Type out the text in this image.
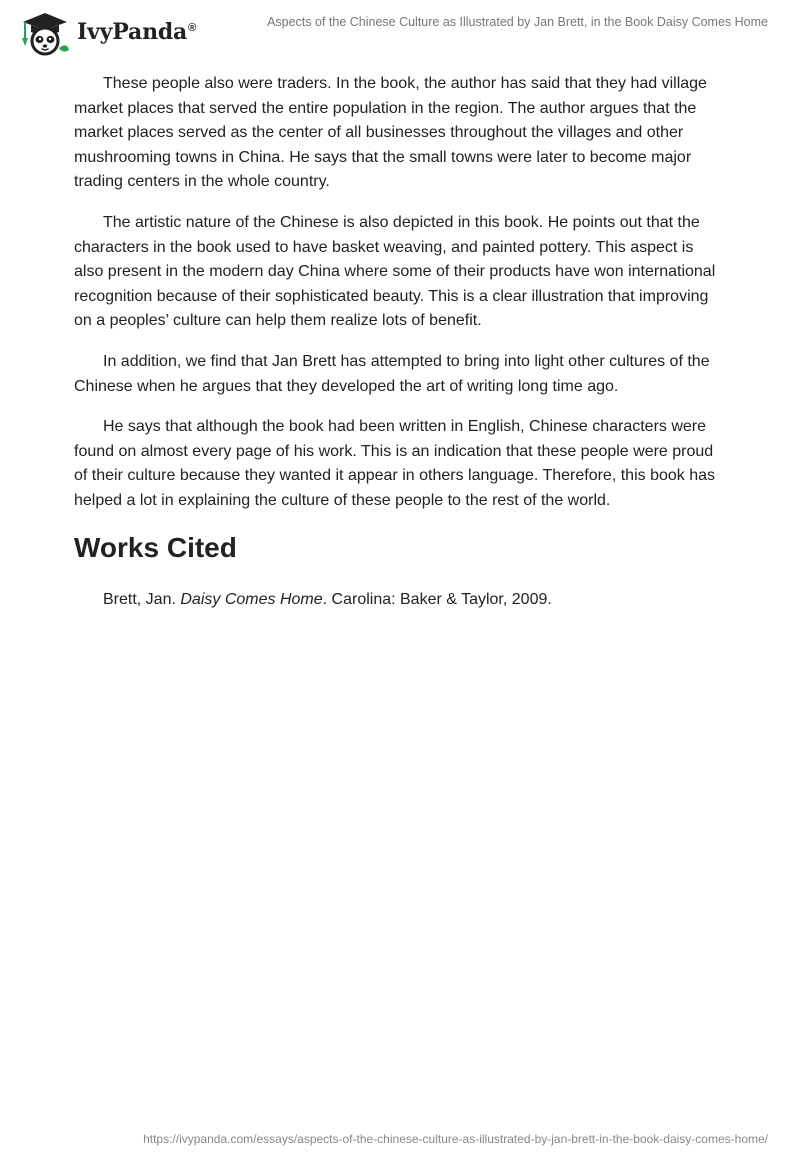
IvyPanda®	Aspects of the Chinese Culture as Illustrated by Jan Brett, in the Book Daisy Comes Home

These people also were traders. In the book, the author has said that they had village market places that served the entire population in the region. The author argues that the market places served as the center of all businesses throughout the villages and other mushrooming towns in China. He says that the small towns were later to become major trading centers in the whole country.

The artistic nature of the Chinese is also depicted in this book. He points out that the characters in the book used to have basket weaving, and painted pottery. This aspect is also present in the modern day China where some of their products have won international recognition because of their sophisticated beauty. This is a clear illustration that improving on a peoples’ culture can help them realize lots of benefit.

In addition, we find that Jan Brett has attempted to bring into light other cultures of the Chinese when he argues that they developed the art of writing long time ago.

He says that although the book had been written in English, Chinese characters were found on almost every page of his work. This is an indication that these people were proud of their culture because they wanted it appear in others language. Therefore, this book has helped a lot in explaining the culture of these people to the rest of the world.

Works Cited

Brett, Jan. Daisy Comes Home. Carolina: Baker & Taylor, 2009.

https://ivypanda.com/essays/aspects-of-the-chinese-culture-as-illustrated-by-jan-brett-in-the-book-daisy-comes-home/
